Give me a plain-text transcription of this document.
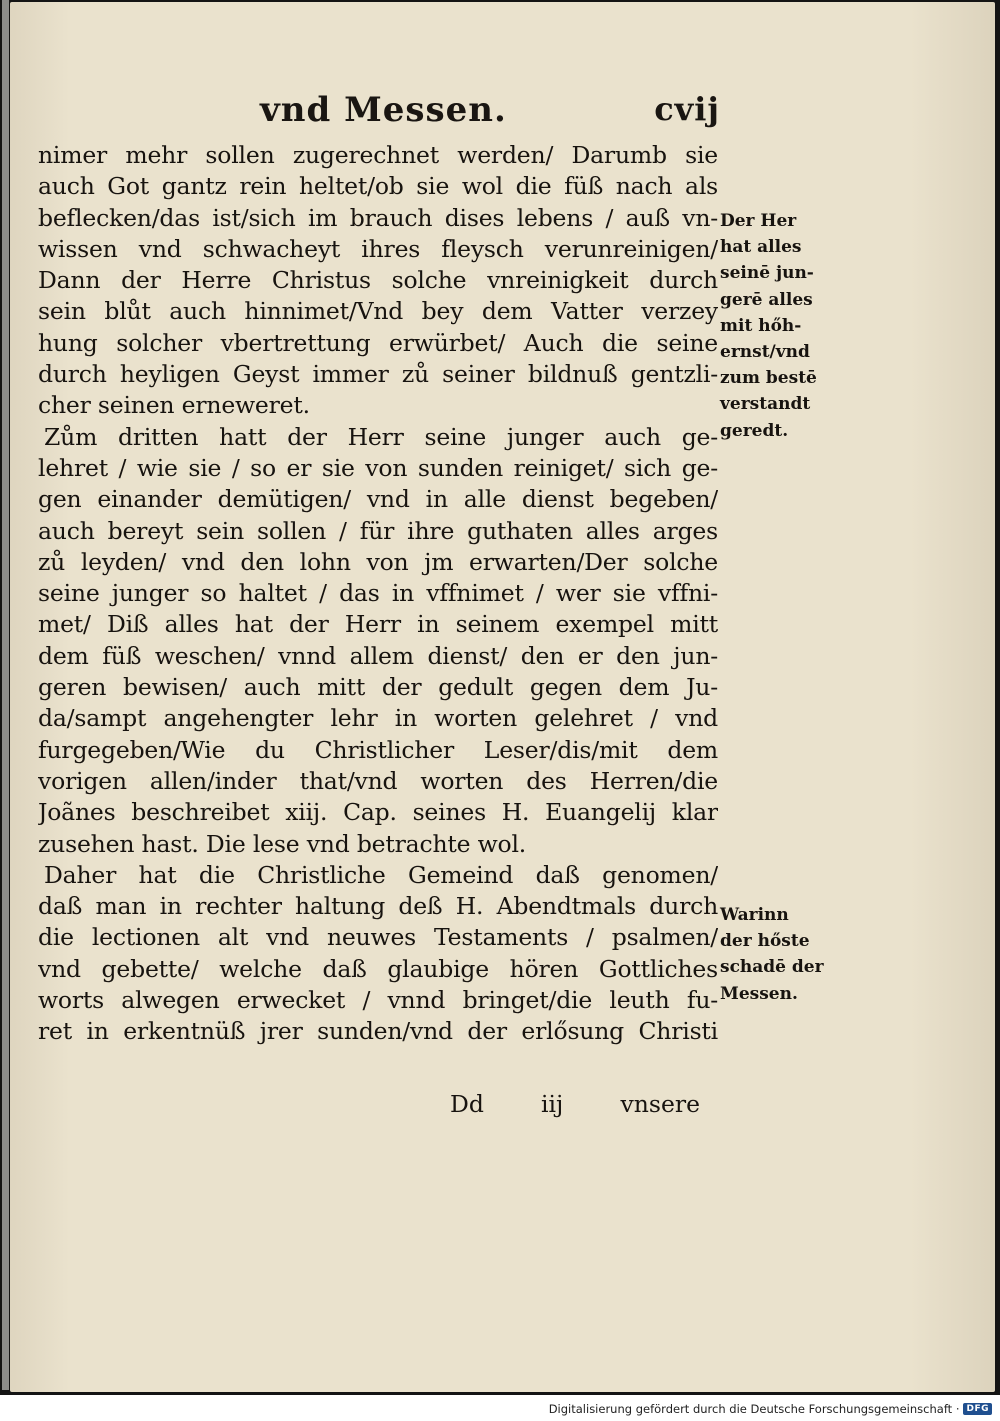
vnd Messen.	cvij
nimer mehr sollen zugerechnet werden/ Darumb sie
auch Got gantz rein heltet/ob sie wol die füß nach als
beflecken/das ist/sich im brauch dises lebens / auß vn-
wissen vnd schwacheyt ihres fleysch verunreinigen/
Dann der Herre Christus solche vnreinigkeit durch
sein blůt auch hinnimet/Vnd bey dem Vatter verzey
hung solcher vbertrettung erwürbet/ Auch die seine
durch heyligen Geyst immer zů seiner bildnuß gentzli-
cher seinen erneweret.
Zům dritten hatt der Herr seine junger auch ge-
lehret / wie sie / so er sie von sunden reiniget/ sich ge-
gen einander demütigen/ vnd in alle dienst begeben/
auch bereyt sein sollen / für ihre guthaten alles arges
zů leyden/ vnd den lohn von jm erwarten/Der solche
seine junger so haltet / das in vffnimet / wer sie vffni-
met/ Diß alles hat der Herr in seinem exempel mitt
dem füß weschen/ vnnd allem dienst/ den er den jun-
geren bewisen/ auch mitt der gedult gegen dem Ju-
da/sampt angehengter lehr in worten gelehret / vnd
furgegeben/Wie du Christlicher Leser/dis/mit dem
vorigen allen/inder that/vnd worten des Herren/die
Joãnes beschreibet xiij. Cap. seines H. Euangelij klar
zusehen hast. Die lese vnd betrachte wol.
Daher hat die Christliche Gemeind daß genomen/
daß man in rechter haltung deß H. Abendtmals durch
die lectionen alt vnd neuwes Testaments / psalmen/
vnd gebette/ welche daß glaubige hören Gottliches
worts alwegen erwecket / vnnd bringet/die leuth fu-
ret in erkentnüß jrer sunden/vnd der erlősung Christi
Dd iij vnsere
Der Her
hat alles
seinē jun-
gerē alles
mit hőh-
ernst/vnd
zum bestē
verstandt
geredt.
Warinn
der hőste
schadē der
Messen.
Digitalisierung gefördert durch die Deutsche Forschungsgemeinschaft · DFG
